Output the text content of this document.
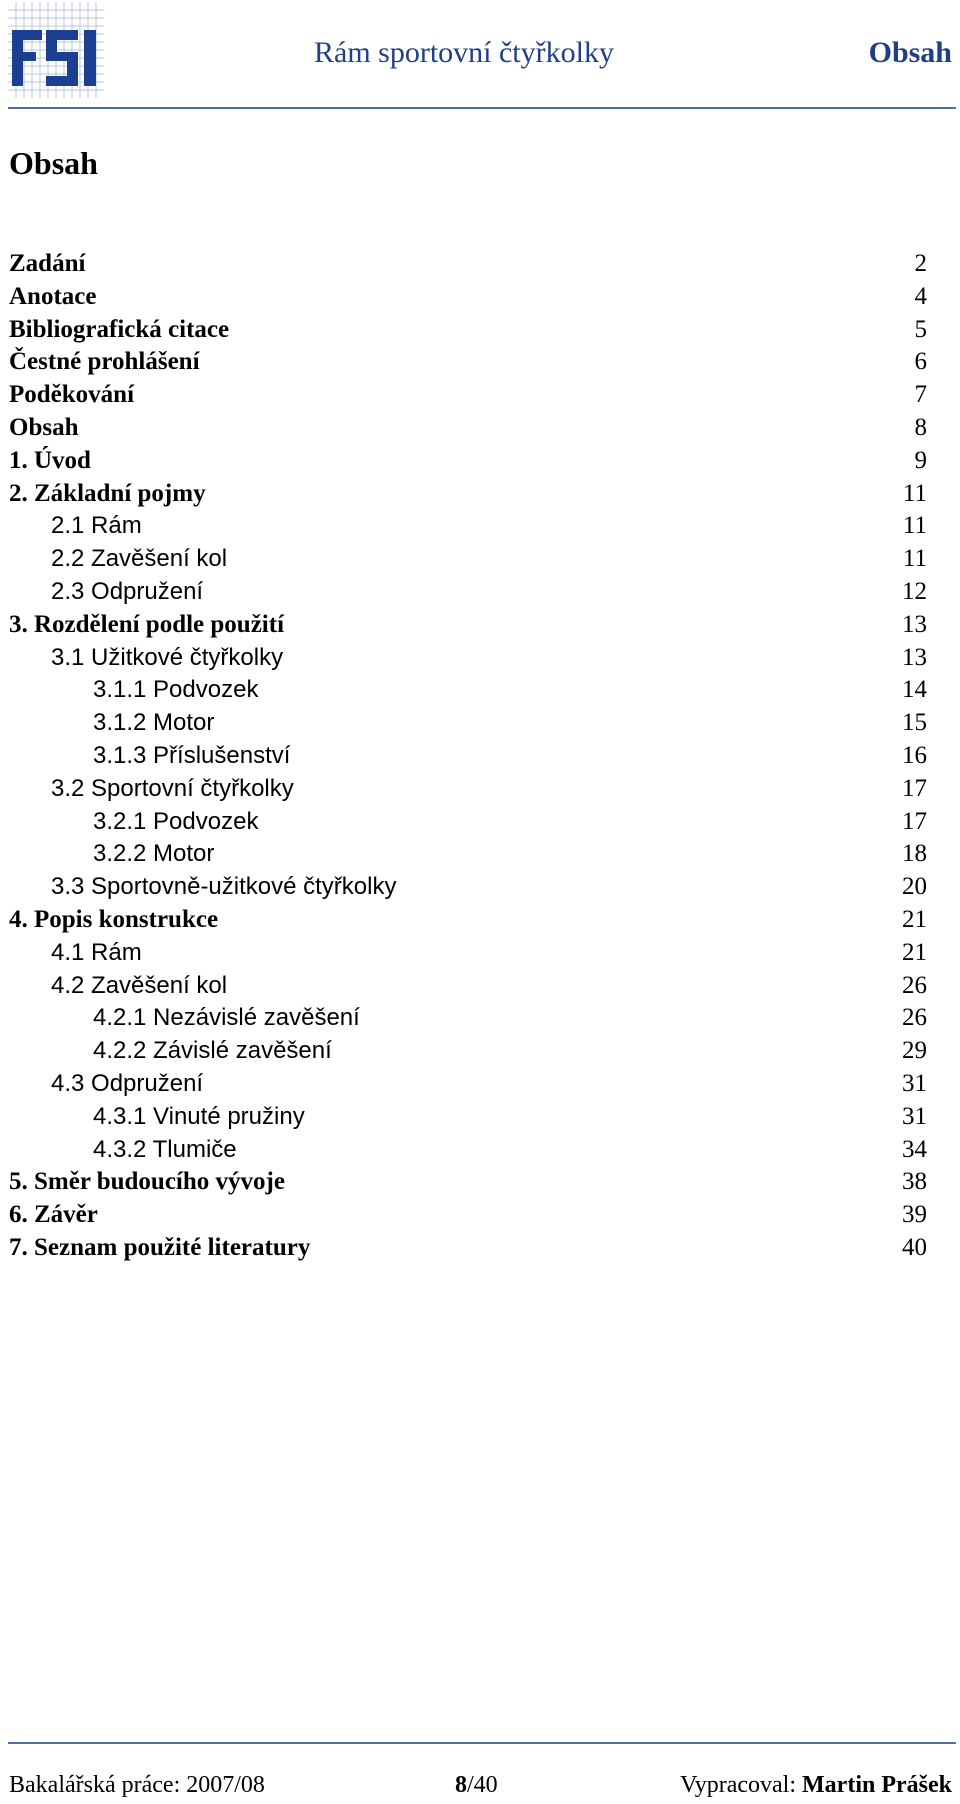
Rám sportovní čtyřkolky	Obsah
Obsah
Zadání	2
Anotace	4
Bibliografická citace	5
Čestné prohlášení	6
Poděkování	7
Obsah	8
1. Úvod	9
2. Základní pojmy	11
2.1 Rám	11
2.2 Zavěšení kol	11
2.3 Odpružení	12
3. Rozdělení podle použití	13
3.1 Užitkové čtyřkolky	13
3.1.1 Podvozek	14
3.1.2 Motor	15
3.1.3 Příslušenství	16
3.2 Sportovní čtyřkolky	17
3.2.1 Podvozek	17
3.2.2 Motor	18
3.3 Sportovně-užitkové čtyřkolky	20
4. Popis konstrukce	21
4.1 Rám	21
4.2 Zavěšení kol	26
4.2.1 Nezávislé zavěšení	26
4.2.2 Závislé zavěšení	29
4.3 Odpružení	31
4.3.1 Vinuté pružiny	31
4.3.2 Tlumiče	34
5. Směr budoucího vývoje	38
6. Závěr	39
7. Seznam použité literatury	40
Bakalářská práce: 2007/08	8/40	Vypracoval: Martin Prášek
